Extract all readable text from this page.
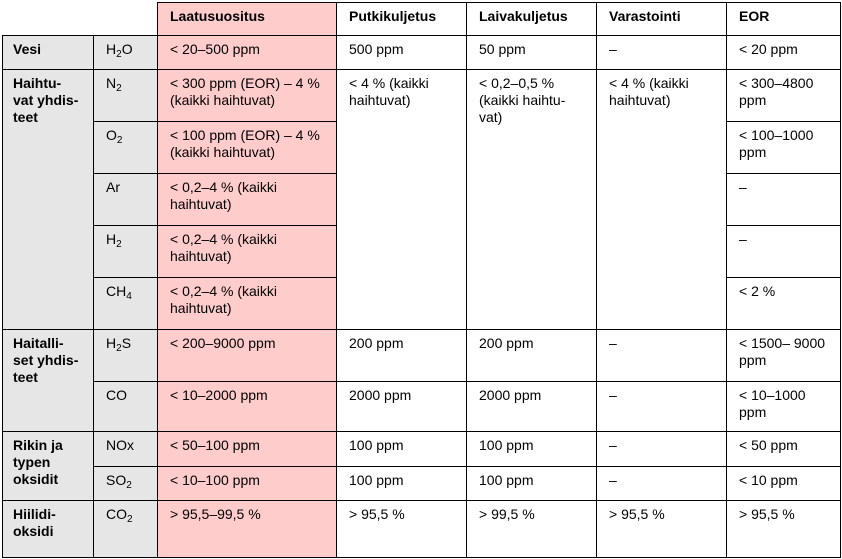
		Laatusuositus	Putkikuljetus	Laivakuljetus	Varastointi	EOR
Vesi	$H_2O$	< 20–500 ppm	500 ppm	50 ppm	–	< 20 ppm
Haihtu-vat yhdis-teet	$N_2$	< 300 ppm (EOR) – 4 % (kaikki haihtuvat)	< 4 % (kaikki haihtuvat)	< 0,2–0,5 % (kaikki haihtu-vat)	< 4 % (kaikki haihtuvat)	< 300–4800 ppm
	$O_2$	< 100 ppm (EOR) – 4 % (kaikki haihtuvat)				< 100–1000 ppm
	Ar	< 0,2–4 % (kaikki haihtuvat)				–
	$H_2$	< 0,2–4 % (kaikki haihtuvat)				–
	$CH_4$	< 0,2–4 % (kaikki haihtuvat)				< 2 %
Haitalli-set yhdis-teet	$H_2S$	< 200–9000 ppm	200 ppm	200 ppm	–	< 1500– 9000 ppm
	CO	< 10–2000 ppm	2000 ppm	2000 ppm	–	< 10–1000 ppm
Rikin ja typen oksidit	NOx	< 50–100 ppm	100 ppm	100 ppm	–	< 50 ppm
	$SO_2$	< 10–100 ppm	100 ppm	100 ppm	–	< 10 ppm
Hiilidi-oksidi	$CO_2$	> 95,5–99,5 %	> 95,5 %	> 99,5 %	> 95,5 %	> 95,5 %
